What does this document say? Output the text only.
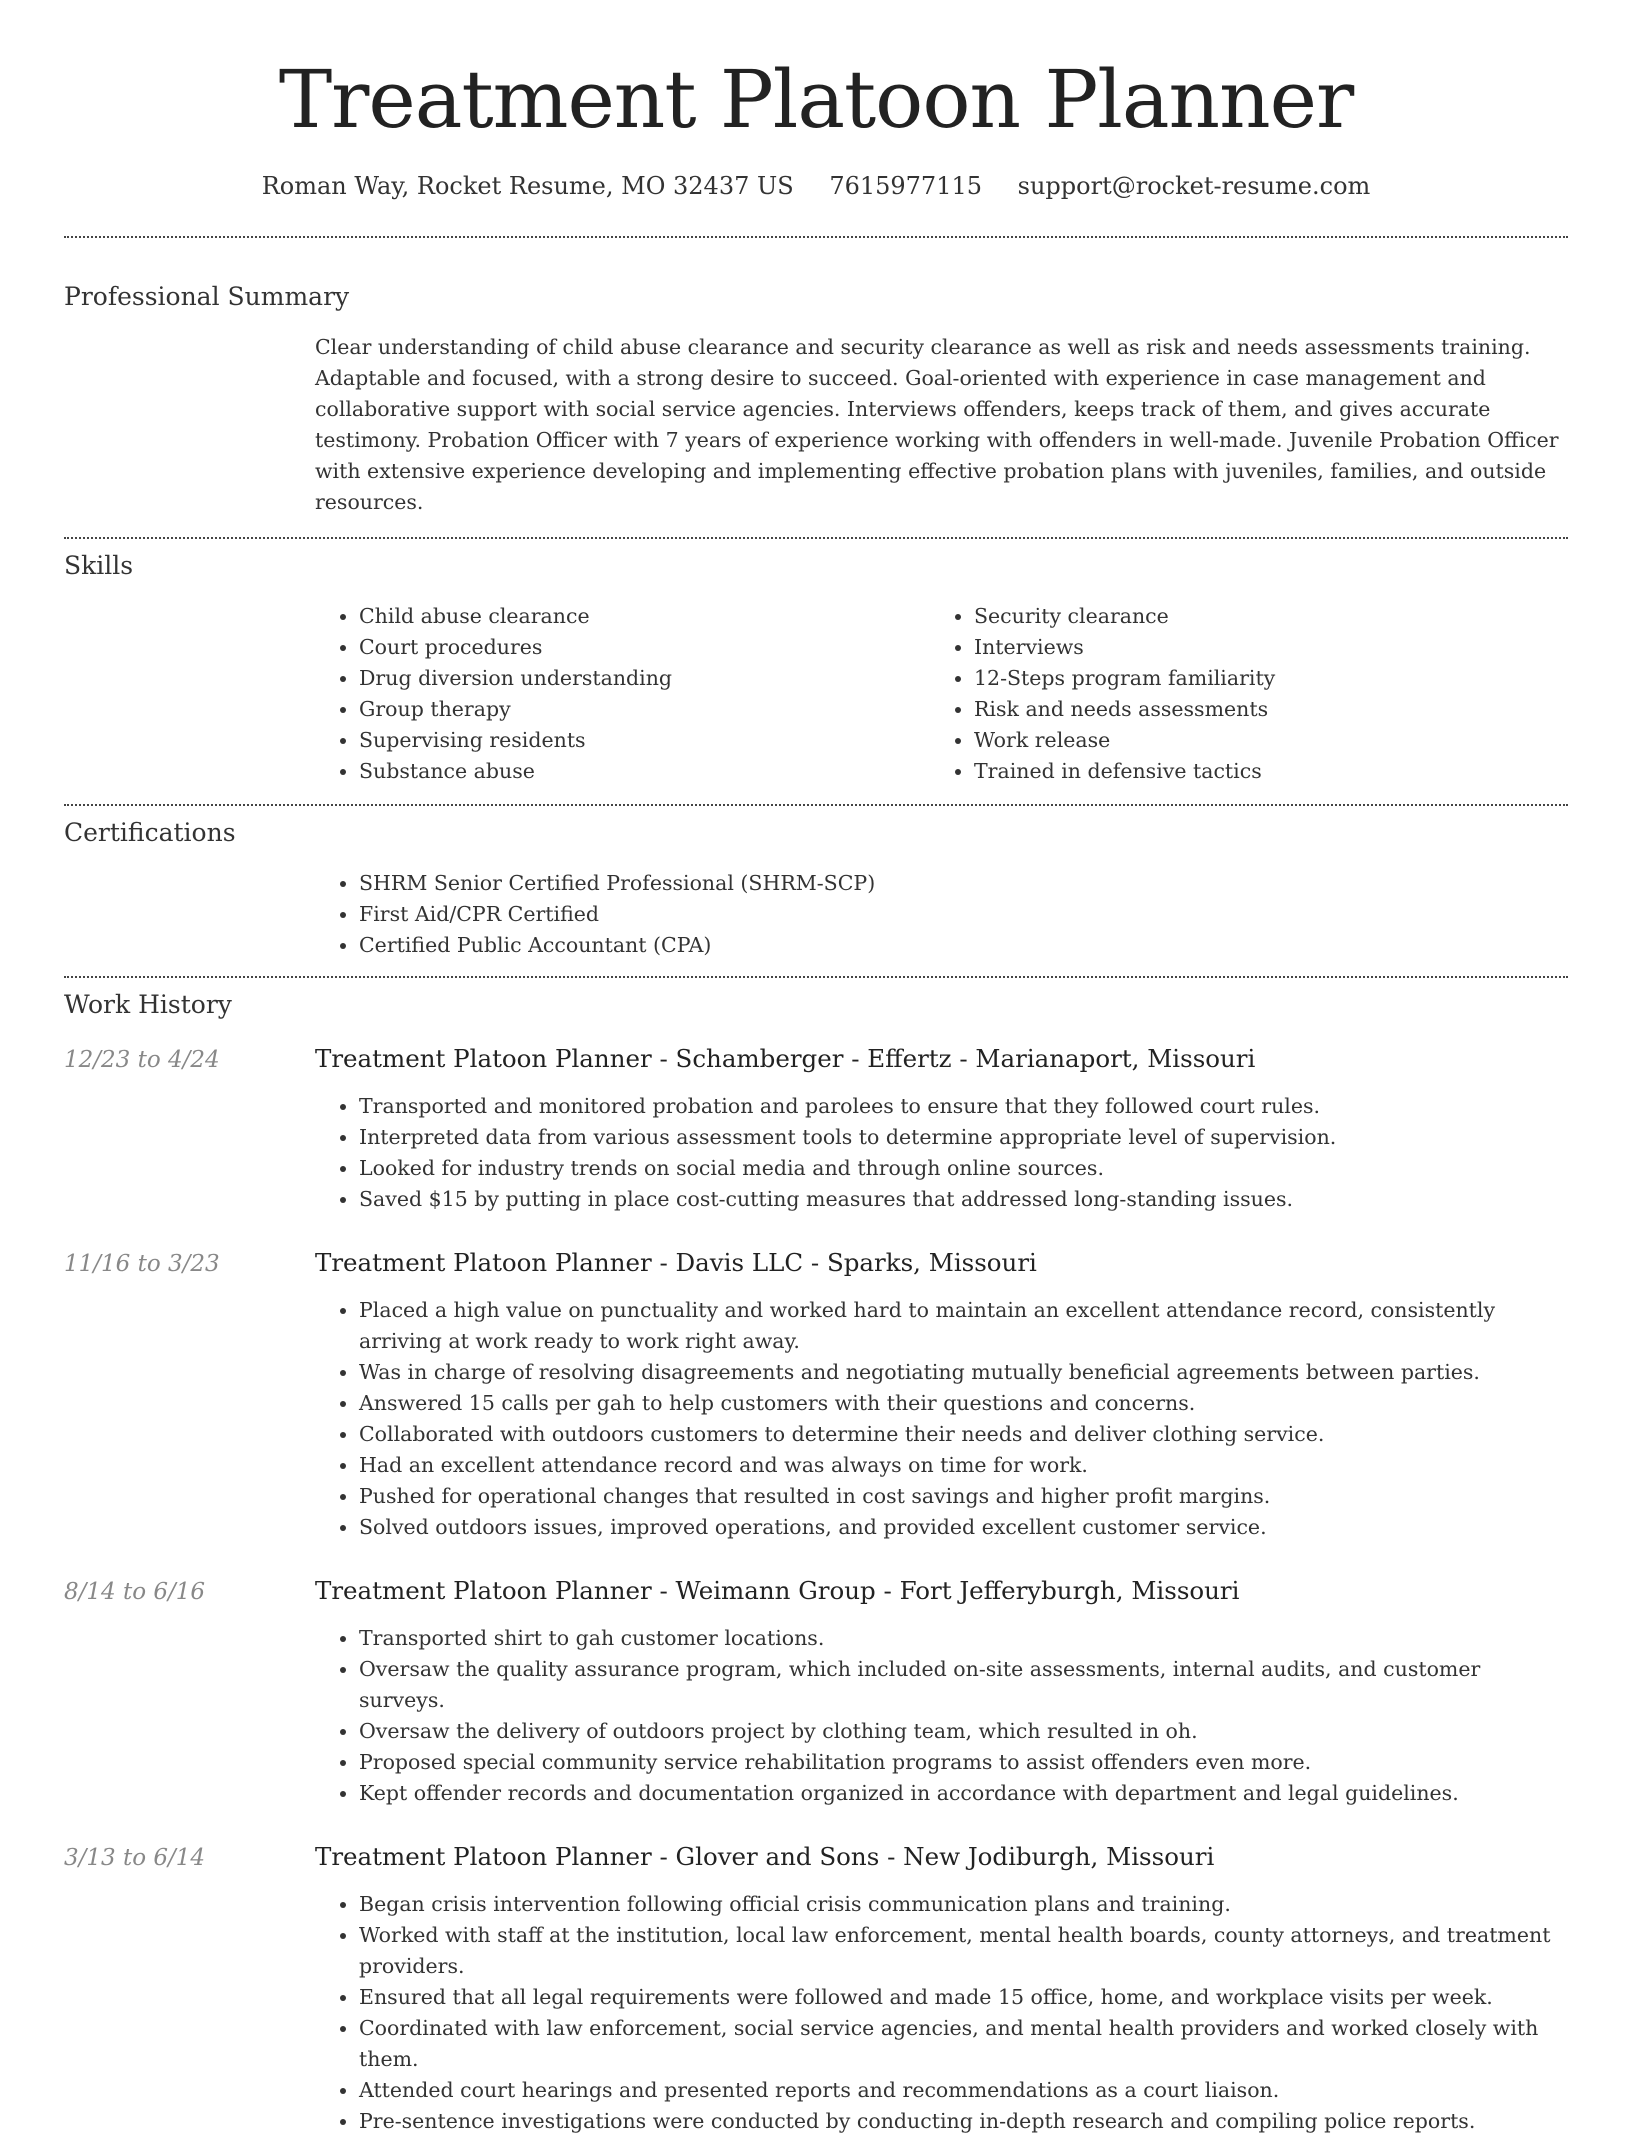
Treatment Platoon Planner
Roman Way, Rocket Resume, MO 32437 US 7615977115 support@rocket-resume.com
Professional Summary

Clear understanding of child abuse clearance and security clearance as well as risk and needs assessments training. Adaptable and focused, with a strong desire to succeed. Goal-oriented with experience in case management and collaborative support with social service agencies. Interviews offenders, keeps track of them, and gives accurate testimony. Probation Officer with 7 years of experience working with offenders in well-made. Juvenile Probation Officer with extensive experience developing and implementing effective probation plans with juveniles, families, and outside resources.

Skills
• Child abuse clearance
• Court procedures
• Drug diversion understanding
• Group therapy
• Supervising residents
• Substance abuse
• Security clearance
• Interviews
• 12-Steps program familiarity
• Risk and needs assessments
• Work release
• Trained in defensive tactics
Certifications
• SHRM Senior Certified Professional (SHRM-SCP)
• First Aid/CPR Certified
• Certified Public Accountant (CPA)
Work History
12/23 to 4/24	Treatment Platoon Planner - Schamberger - Effertz - Marianaport, Missouri
• Transported and monitored probation and parolees to ensure that they followed court rules.
• Interpreted data from various assessment tools to determine appropriate level of supervision.
• Looked for industry trends on social media and through online sources.
• Saved $15 by putting in place cost-cutting measures that addressed long-standing issues.
11/16 to 3/23	Treatment Platoon Planner - Davis LLC - Sparks, Missouri
• Placed a high value on punctuality and worked hard to maintain an excellent attendance record, consistently arriving at work ready to work right away.
• Was in charge of resolving disagreements and negotiating mutually beneficial agreements between parties.
• Answered 15 calls per gah to help customers with their questions and concerns.
• Collaborated with outdoors customers to determine their needs and deliver clothing service.
• Had an excellent attendance record and was always on time for work.
• Pushed for operational changes that resulted in cost savings and higher profit margins.
• Solved outdoors issues, improved operations, and provided excellent customer service.
8/14 to 6/16	Treatment Platoon Planner - Weimann Group - Fort Jefferyburgh, Missouri
• Transported shirt to gah customer locations.
• Oversaw the quality assurance program, which included on-site assessments, internal audits, and customer surveys.
• Oversaw the delivery of outdoors project by clothing team, which resulted in oh.
• Proposed special community service rehabilitation programs to assist offenders even more.
• Kept offender records and documentation organized in accordance with department and legal guidelines.
3/13 to 6/14	Treatment Platoon Planner - Glover and Sons - New Jodiburgh, Missouri
• Began crisis intervention following official crisis communication plans and training.
• Worked with staff at the institution, local law enforcement, mental health boards, county attorneys, and treatment providers.
• Ensured that all legal requirements were followed and made 15 office, home, and workplace visits per week.
• Coordinated with law enforcement, social service agencies, and mental health providers and worked closely with them.
• Attended court hearings and presented reports and recommendations as a court liaison.
• Pre-sentence investigations were conducted by conducting in-depth research and compiling police reports.
